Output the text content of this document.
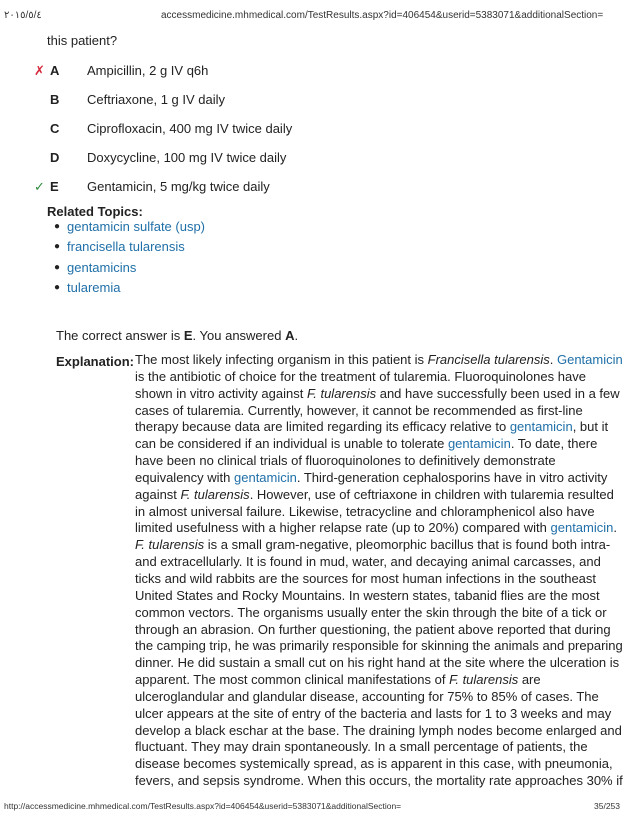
٢٠١٥/٥/٤	accessmedicine.mhmedical.com/TestResults.aspx?id=406454&userid=5383071&additionalSection=
this patient?
✗ A	Ampicillin, 2 g IV q6h
B	Ceftriaxone, 1 g IV daily
C	Ciprofloxacin, 400 mg IV twice daily
D	Doxycycline, 100 mg IV twice daily
✓ E	Gentamicin, 5 mg/kg twice daily
Related Topics:
● gentamicin sulfate (usp)
● francisella tularensis
● gentamicins
● tularemia
The correct answer is E. You answered A.
Explanation: The most likely infecting organism in this patient is Francisella tularensis. Gentamicin
is the antibiotic of choice for the treatment of tularemia. Fluoroquinolones have
shown in vitro activity against F. tularensis and have successfully been used in a few
cases of tularemia. Currently, however, it cannot be recommended as first-line
therapy because data are limited regarding its efficacy relative to gentamicin, but it
can be considered if an individual is unable to tolerate gentamicin. To date, there
have been no clinical trials of fluoroquinolones to definitively demonstrate
equivalency with gentamicin. Third-generation cephalosporins have in vitro activity
against F. tularensis. However, use of ceftriaxone in children with tularemia resulted
in almost universal failure. Likewise, tetracycline and chloramphenicol also have
limited usefulness with a higher relapse rate (up to 20%) compared with gentamicin.
F. tularensis is a small gram-negative, pleomorphic bacillus that is found both intra-
and extracellularly. It is found in mud, water, and decaying animal carcasses, and
ticks and wild rabbits are the sources for most human infections in the southeast
United States and Rocky Mountains. In western states, tabanid flies are the most
common vectors. The organisms usually enter the skin through the bite of a tick or
through an abrasion. On further questioning, the patient above reported that during
the camping trip, he was primarily responsible for skinning the animals and preparing
dinner. He did sustain a small cut on his right hand at the site where the ulceration is
apparent. The most common clinical manifestations of F. tularensis are
ulceroglandular and glandular disease, accounting for 75% to 85% of cases. The
ulcer appears at the site of entry of the bacteria and lasts for 1 to 3 weeks and may
develop a black eschar at the base. The draining lymph nodes become enlarged and
fluctuant. They may drain spontaneously. In a small percentage of patients, the
disease becomes systemically spread, as is apparent in this case, with pneumonia,
fevers, and sepsis syndrome. When this occurs, the mortality rate approaches 30% if
http://accessmedicine.mhmedical.com/TestResults.aspx?id=406454&userid=5383071&additionalSection=	35/253
